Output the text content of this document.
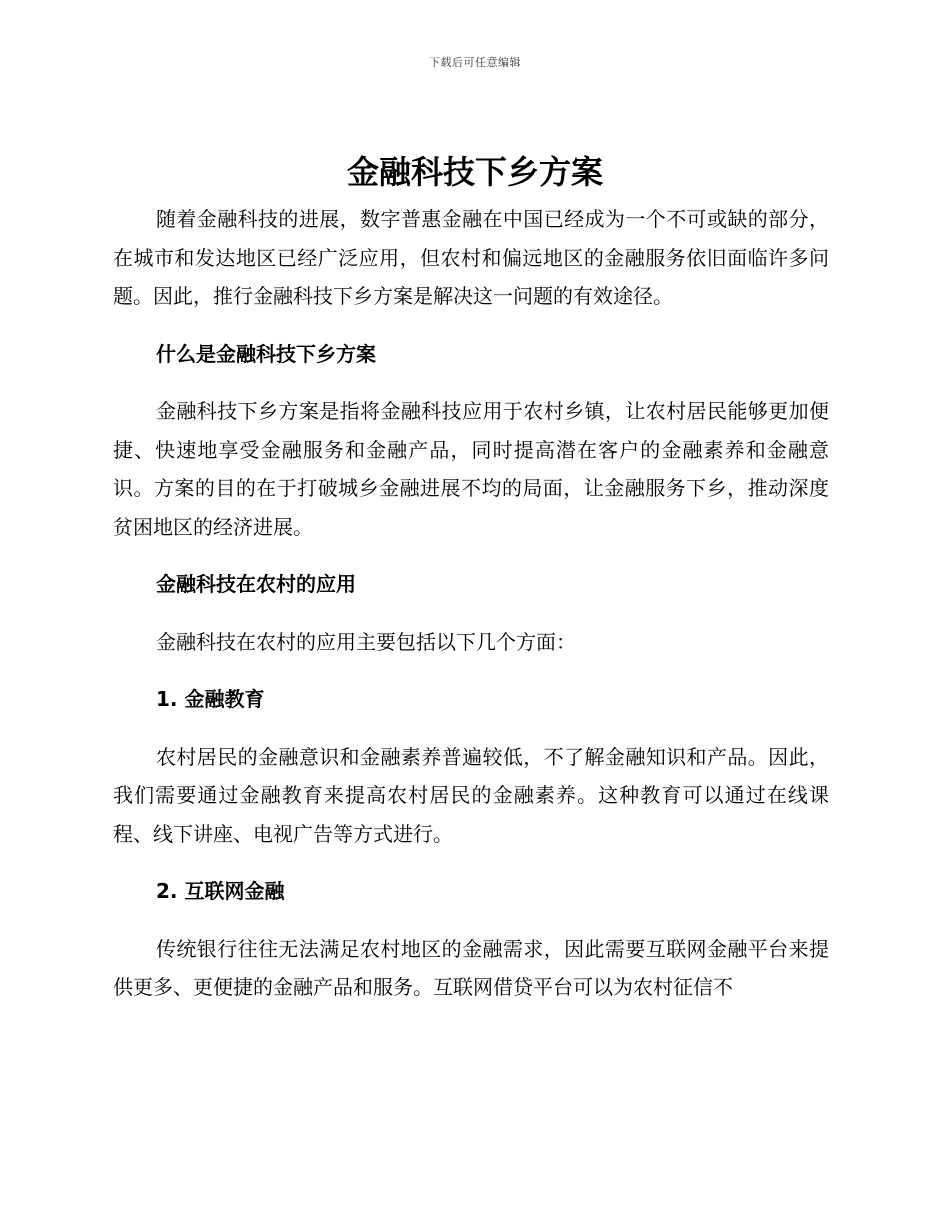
下载后可任意编辑
金融科技下乡方案

随着金融科技的进展，数字普惠金融在中国已经成为一个不可或缺的部分，在城市和发达地区已经广泛应用，但农村和偏远地区的金融服务依旧面临许多问题。因此，推行金融科技下乡方案是解决这一问题的有效途径。

什么是金融科技下乡方案

金融科技下乡方案是指将金融科技应用于农村乡镇，让农村居民能够更加便捷、快速地享受金融服务和金融产品，同时提高潜在客户的金融素养和金融意识。方案的目的在于打破城乡金融进展不均的局面，让金融服务下乡，推动深度贫困地区的经济进展。

金融科技在农村的应用

金融科技在农村的应用主要包括以下几个方面：

1. 金融教育

农村居民的金融意识和金融素养普遍较低，不了解金融知识和产品。因此，我们需要通过金融教育来提高农村居民的金融素养。这种教育可以通过在线课程、线下讲座、电视广告等方式进行。

2. 互联网金融

传统银行往往无法满足农村地区的金融需求，因此需要互联网金融平台来提供更多、更便捷的金融产品和服务。互联网借贷平台可以为农村征信不
